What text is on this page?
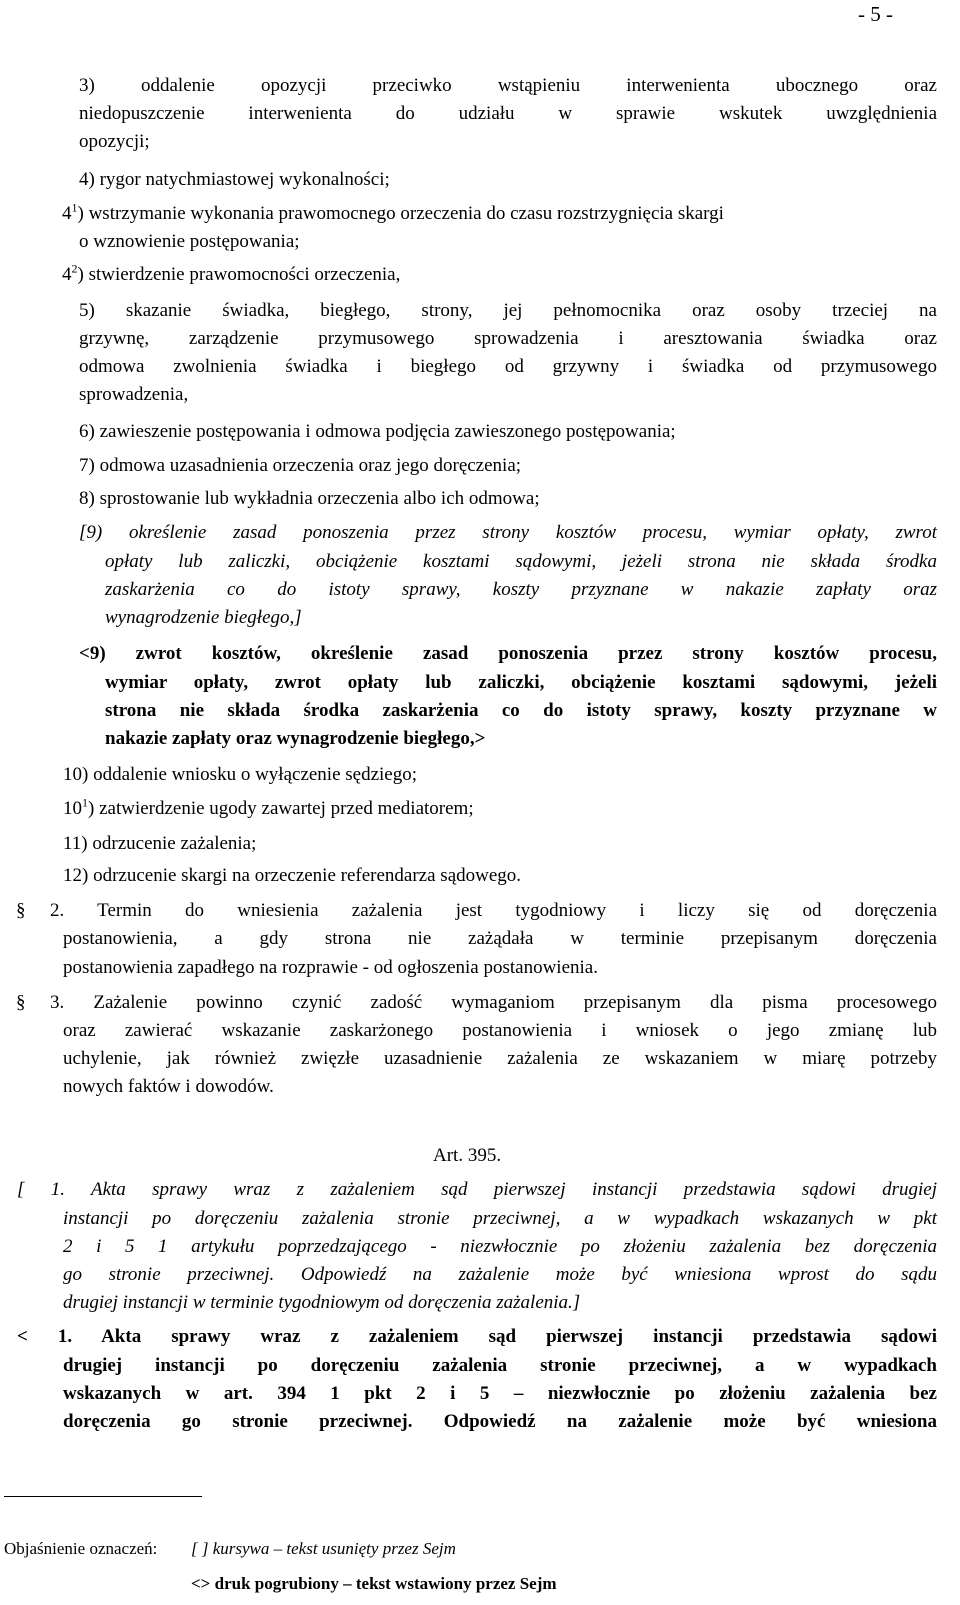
- 5 -
3) oddalenie opozycji przeciwko wstąpieniu interwenienta ubocznego oraz
niedopuszczenie interwenienta do udziału w sprawie wskutek uwzględnienia
opozycji;
4) rygor natychmiastowej wykonalności;
$4^1$) wstrzymanie wykonania prawomocnego orzeczenia do czasu rozstrzygnięcia skargi
o wznowienie postępowania;
$4^2$) stwierdzenie prawomocności orzeczenia,
5) skazanie świadka, biegłego, strony, jej pełnomocnika oraz osoby trzeciej na
grzywnę, zarządzenie przymusowego sprowadzenia i aresztowania świadka oraz
odmowa zwolnienia świadka i biegłego od grzywny i świadka od przymusowego
sprowadzenia,
6) zawieszenie postępowania i odmowa podjęcia zawieszonego postępowania;
7) odmowa uzasadnienia orzeczenia oraz jego doręczenia;
8) sprostowanie lub wykładnia orzeczenia albo ich odmowa;
[9) określenie zasad ponoszenia przez strony kosztów procesu, wymiar opłaty, zwrot
opłaty lub zaliczki, obciążenie kosztami sądowymi, jeżeli strona nie składa środka
zaskarżenia co do istoty sprawy, koszty przyznane w nakazie zapłaty oraz
wynagrodzenie biegłego,]
<9) zwrot kosztów, określenie zasad ponoszenia przez strony kosztów procesu,
wymiar opłaty, zwrot opłaty lub zaliczki, obciążenie kosztami sądowymi, jeżeli
strona nie składa środka zaskarżenia co do istoty sprawy, koszty przyznane w
nakazie zapłaty oraz wynagrodzenie biegłego,>
10) oddalenie wniosku o wyłączenie sędziego;
$10^1$) zatwierdzenie ugody zawartej przed mediatorem;
11) odrzucenie zażalenia;
12) odrzucenie skargi na orzeczenie referendarza sądowego.
§ 2. Termin do wniesienia zażalenia jest tygodniowy i liczy się od doręczenia
postanowienia, a gdy strona nie zażądała w terminie przepisanym doręczenia
postanowienia zapadłego na rozprawie - od ogłoszenia postanowienia.
§ 3. Zażalenie powinno czynić zadość wymaganiom przepisanym dla pisma procesowego
oraz zawierać wskazanie zaskarżonego postanowienia i wniosek o jego zmianę lub
uchylenie, jak również zwięzłe uzasadnienie zażalenia ze wskazaniem w miarę potrzeby
nowych faktów i dowodów.
Art. 395.
[ 1. Akta sprawy wraz z zażaleniem sąd pierwszej instancji przedstawia sądowi drugiej
instancji po doręczeniu zażalenia stronie przeciwnej, a w wypadkach wskazanych w pkt
2 i 5 1 artykułu poprzedzającego - niezwłocznie po złożeniu zażalenia bez doręczenia
go stronie przeciwnej. Odpowiedź na zażalenie może być wniesiona wprost do sądu
drugiej instancji w terminie tygodniowym od doręczenia zażalenia.]
< 1. Akta sprawy wraz z zażaleniem sąd pierwszej instancji przedstawia sądowi
drugiej instancji po doręczeniu zażalenia stronie przeciwnej, a w wypadkach
wskazanych w art. 394 1 pkt 2 i 5 – niezwłocznie po złożeniu zażalenia bez
doręczenia go stronie przeciwnej. Odpowiedź na zażalenie może być wniesiona
Objaśnienie oznaczeń: [ ] kursywa – tekst usunięty przez Sejm
<> druk pogrubiony – tekst wstawiony przez Sejm
